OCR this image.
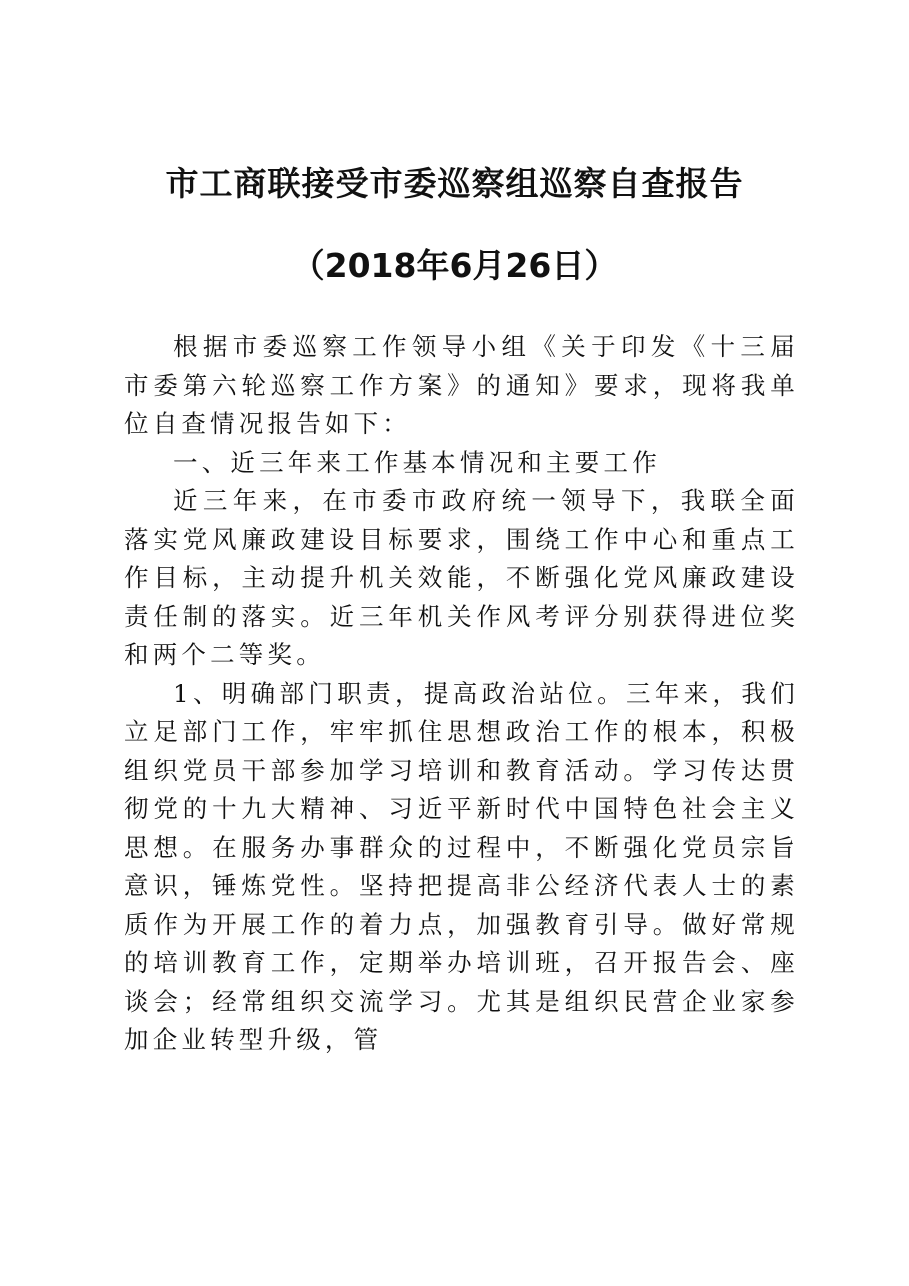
市工商联接受市委巡察组巡察自查报告
（2018年6月26日）

根据市委巡察工作领导小组《关于印发《十三届市委第六轮巡察工作方案》的通知》要求，现将我单位自查情况报告如下：

一、近三年来工作基本情况和主要工作

近三年来，在市委市政府统一领导下，我联全面落实党风廉政建设目标要求，围绕工作中心和重点工作目标，主动提升机关效能，不断强化党风廉政建设责任制的落实。近三年机关作风考评分别获得进位奖和两个二等奖。

1、明确部门职责，提高政治站位。三年来，我们立足部门工作，牢牢抓住思想政治工作的根本，积极组织党员干部参加学习培训和教育活动。学习传达贯彻党的十九大精神、习近平新时代中国特色社会主义思想。在服务办事群众的过程中，不断强化党员宗旨意识，锤炼党性。坚持把提高非公经济代表人士的素质作为开展工作的着力点，加强教育引导。做好常规的培训教育工作，定期举办培训班，召开报告会、座谈会；经常组织交流学习。尤其是组织民营企业家参加企业转型升级，管
